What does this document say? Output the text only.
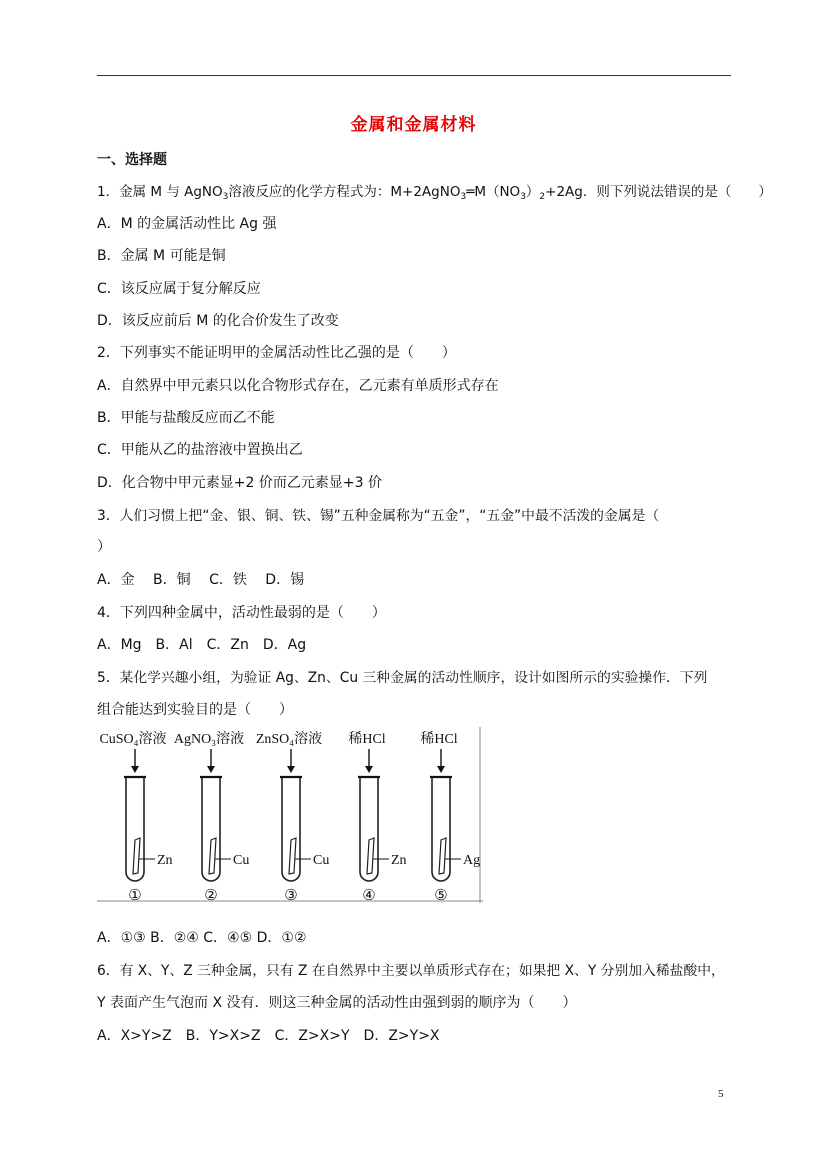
金属和金属材料
一、选择题
1．金属 M 与 AgNO$_3$溶液反应的化学方程式为：$M+2AgNO_3═M(NO_3)_2+2Ag$．则下列说法错误的是（　　）
A．M 的金属活动性比 Ag 强
B．金属 M 可能是铜
C．该反应属于复分解反应
D．该反应前后 M 的化合价发生了改变
2．下列事实不能证明甲的金属活动性比乙强的是（　　）
A．自然界中甲元素只以化合物形式存在，乙元素有单质形式存在
B．甲能与盐酸反应而乙不能
C．甲能从乙的盐溶液中置换出乙
D．化合物中甲元素显+2 价而乙元素显+3 价
3．人们习惯上把“金、银、铜、铁、锡”五种金属称为“五金”，“五金”中最不活泼的金属是（
）
A．金　 B．铜　 C．铁　 D．锡
4．下列四种金属中，活动性最弱的是（　　）
A．Mg　B．Al　C．Zn　D．Ag
5．某化学兴趣小组，为验证 Ag、Zn、Cu 三种金属的活动性顺序，设计如图所示的实验操作．下列
组合能达到实验目的是（　　）
CuSO₄溶液
Zn
①
AgNO₃溶液
Cu
②
ZnSO₄溶液
Cu
③
稀HCl
Zn
④
稀HCl
Ag
⑤
A．①③ B．②④ C．④⑤ D．①②
6．有 X、Y、Z 三种金属，只有 Z 在自然界中主要以单质形式存在；如果把 X、Y 分别加入稀盐酸中，
Y 表面产生气泡而 X 没有．则这三种金属的活动性由强到弱的顺序为（　　）
A．X>Y>Z　B．Y>X>Z　C．Z>X>Y　D．Z>Y>X
5
